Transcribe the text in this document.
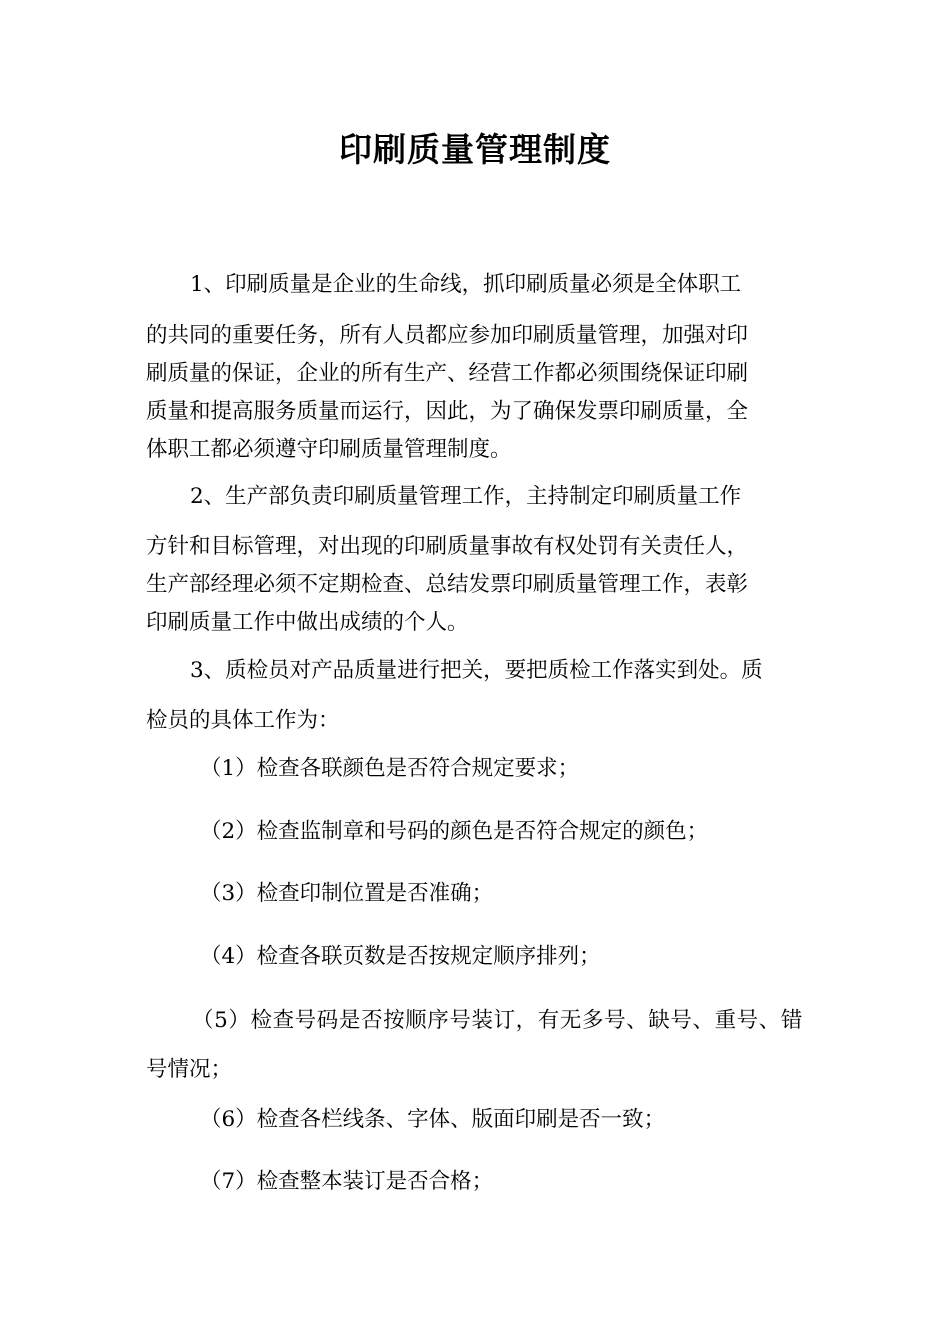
印刷质量管理制度
1、印刷质量是企业的生命线，抓印刷质量必须是全体职工
的共同的重要任务，所有人员都应参加印刷质量管理，加强对印
刷质量的保证，企业的所有生产、经营工作都必须围绕保证印刷
质量和提高服务质量而运行，因此，为了确保发票印刷质量，全
体职工都必须遵守印刷质量管理制度。
2、生产部负责印刷质量管理工作，主持制定印刷质量工作
方针和目标管理，对出现的印刷质量事故有权处罚有关责任人，
生产部经理必须不定期检查、总结发票印刷质量管理工作，表彰
印刷质量工作中做出成绩的个人。
3、质检员对产品质量进行把关，要把质检工作落实到处。质
检员的具体工作为：
（1）检查各联颜色是否符合规定要求；
（2）检查监制章和号码的颜色是否符合规定的颜色；
（3）检查印制位置是否准确；
（4）检查各联页数是否按规定顺序排列；
（5）检查号码是否按顺序号装订，有无多号、缺号、重号、错
号情况；
（6）检查各栏线条、字体、版面印刷是否一致；
（7）检查整本装订是否合格；
